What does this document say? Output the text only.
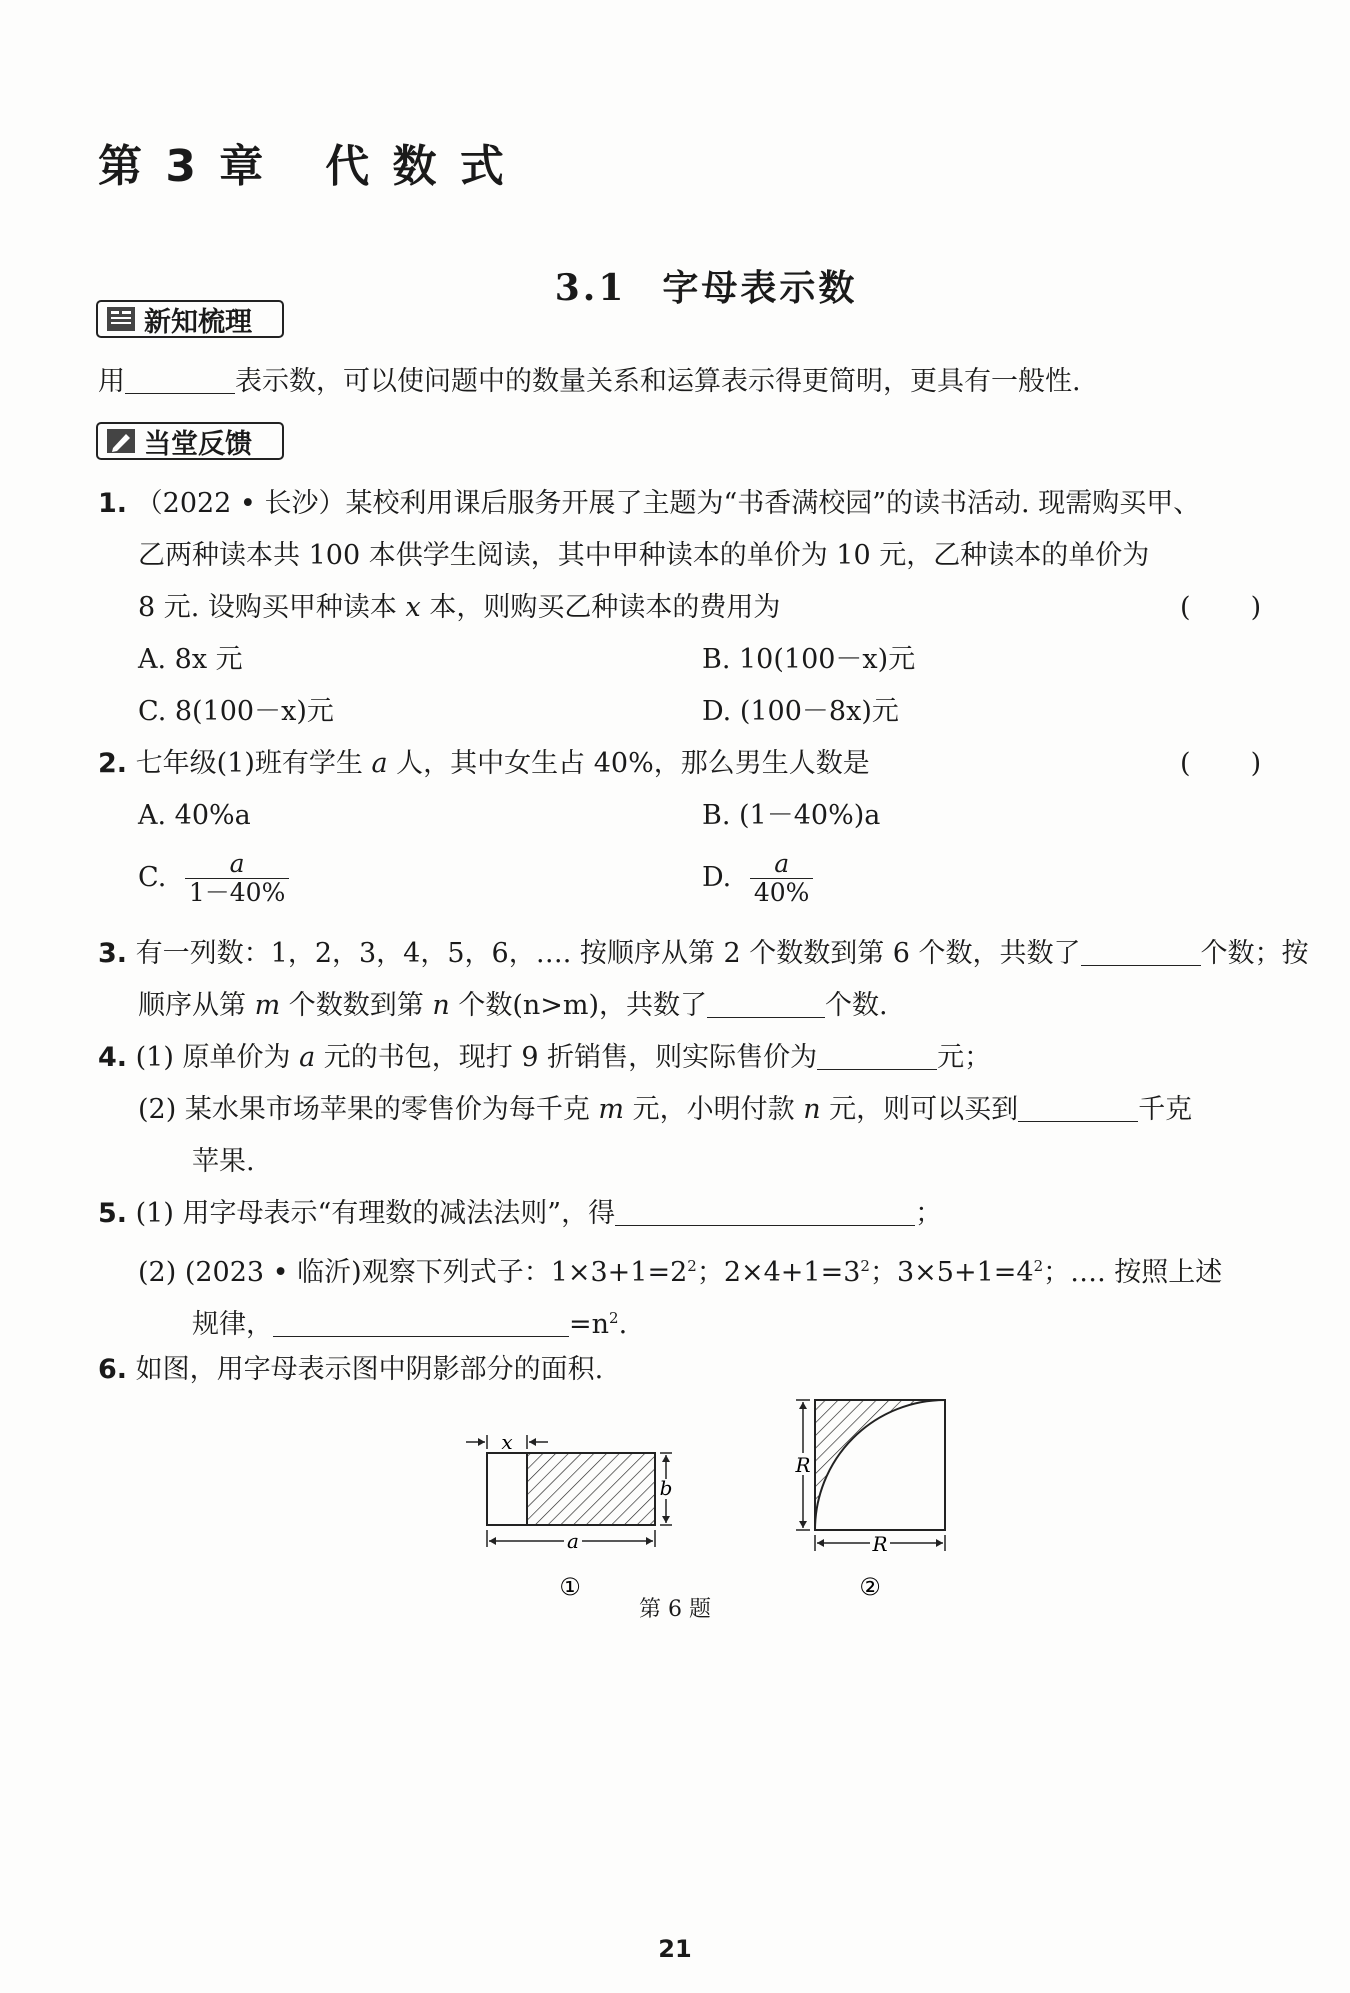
第 3 章   代 数 式

3.1 字母表示数

新知梳理
用	表示数，可以使问题中的数量关系和运算表示得更简明，更具有一般性.
当堂反馈
1. （2022 • 长沙）某校利用课后服务开展了主题为“书香满校园”的读书活动. 现需购买甲、
乙两种读本共 100 本供学生阅读，其中甲种读本的单价为 10 元，乙种读本的单价为
8 元. 设购买甲种读本 x 本，则购买乙种读本的费用为	(       )
A. 8x 元	B. 10(100－x)元
C. 8(100－x)元	D. (100－8x)元
2. 七年级(1)班有学生 a 人，其中女生占 40%，那么男生人数是	(       )
A. 40%a	B. (1－40%)a
C. $\frac{a}{1-40\%}$	D. $\frac{a}{40\%}$
3. 有一列数：1，2，3，4，5，6，…. 按顺序从第 2 个数数到第 6 个数，共数了	个数；按
顺序从第 m 个数数到第 n 个数(n>m)，共数了	个数.
4. (1) 原单价为 a 元的书包，现打 9 折销售，则实际售价为	元；
(2) 某水果市场苹果的零售价为每千克 m 元，小明付款 n 元，则可以买到	千克
苹果.
5. (1) 用字母表示“有理数的减法法则”，得	；
(2) (2023 • 临沂)观察下列式子：$1\times 3+1=2^2$；$2\times 4+1=3^2$；$3\times 5+1=4^2$；…. 按照上述
规律，	$=n^2$.
6. 如图，用字母表示图中阴影部分的面积.
x
a
b
①
R
R
②
第 6 题
21
